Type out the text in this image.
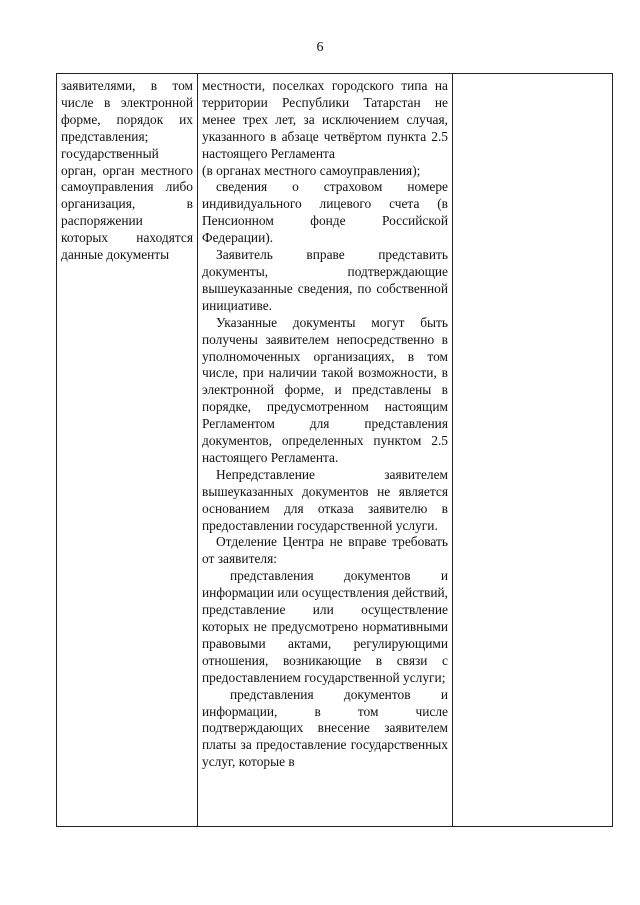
6
заявителями, в том числе в электронной форме, порядок их представления; государственный орган, орган местного самоуправления либо организация, в распоряжении которых находятся данные документы

местности, поселках городского типа на территории Республики Татарстан не менее трех лет, за исключением случая, указанного в абзаце четвёртом пункта 2.5 настоящего Регламента

(в органах местного самоуправления);

сведения о страховом номере индивидуального лицевого счета (в Пенсионном фонде Российской Федерации).

Заявитель вправе представить документы, подтверждающие вышеуказанные сведения, по собственной инициативе.

Указанные документы могут быть получены заявителем непосредственно в уполномоченных организациях, в том числе, при наличии такой возможности, в электронной форме, и представлены в порядке, предусмотренном настоящим Регламентом для представления документов, определенных пунктом 2.5 настоящего Регламента.

Непредставление заявителем вышеуказанных документов не является основанием для отказа заявителю в предоставлении государственной услуги.

Отделение Центра не вправе требовать от заявителя:

представления документов и информации или осуществления действий, представление или осуществление которых не предусмотрено нормативными правовыми актами, регулирующими отношения, возникающие в связи с предоставлением государственной услуги;

представления документов и информации, в том числе подтверждающих внесение заявителем платы за предоставление государственных услуг, которые в
